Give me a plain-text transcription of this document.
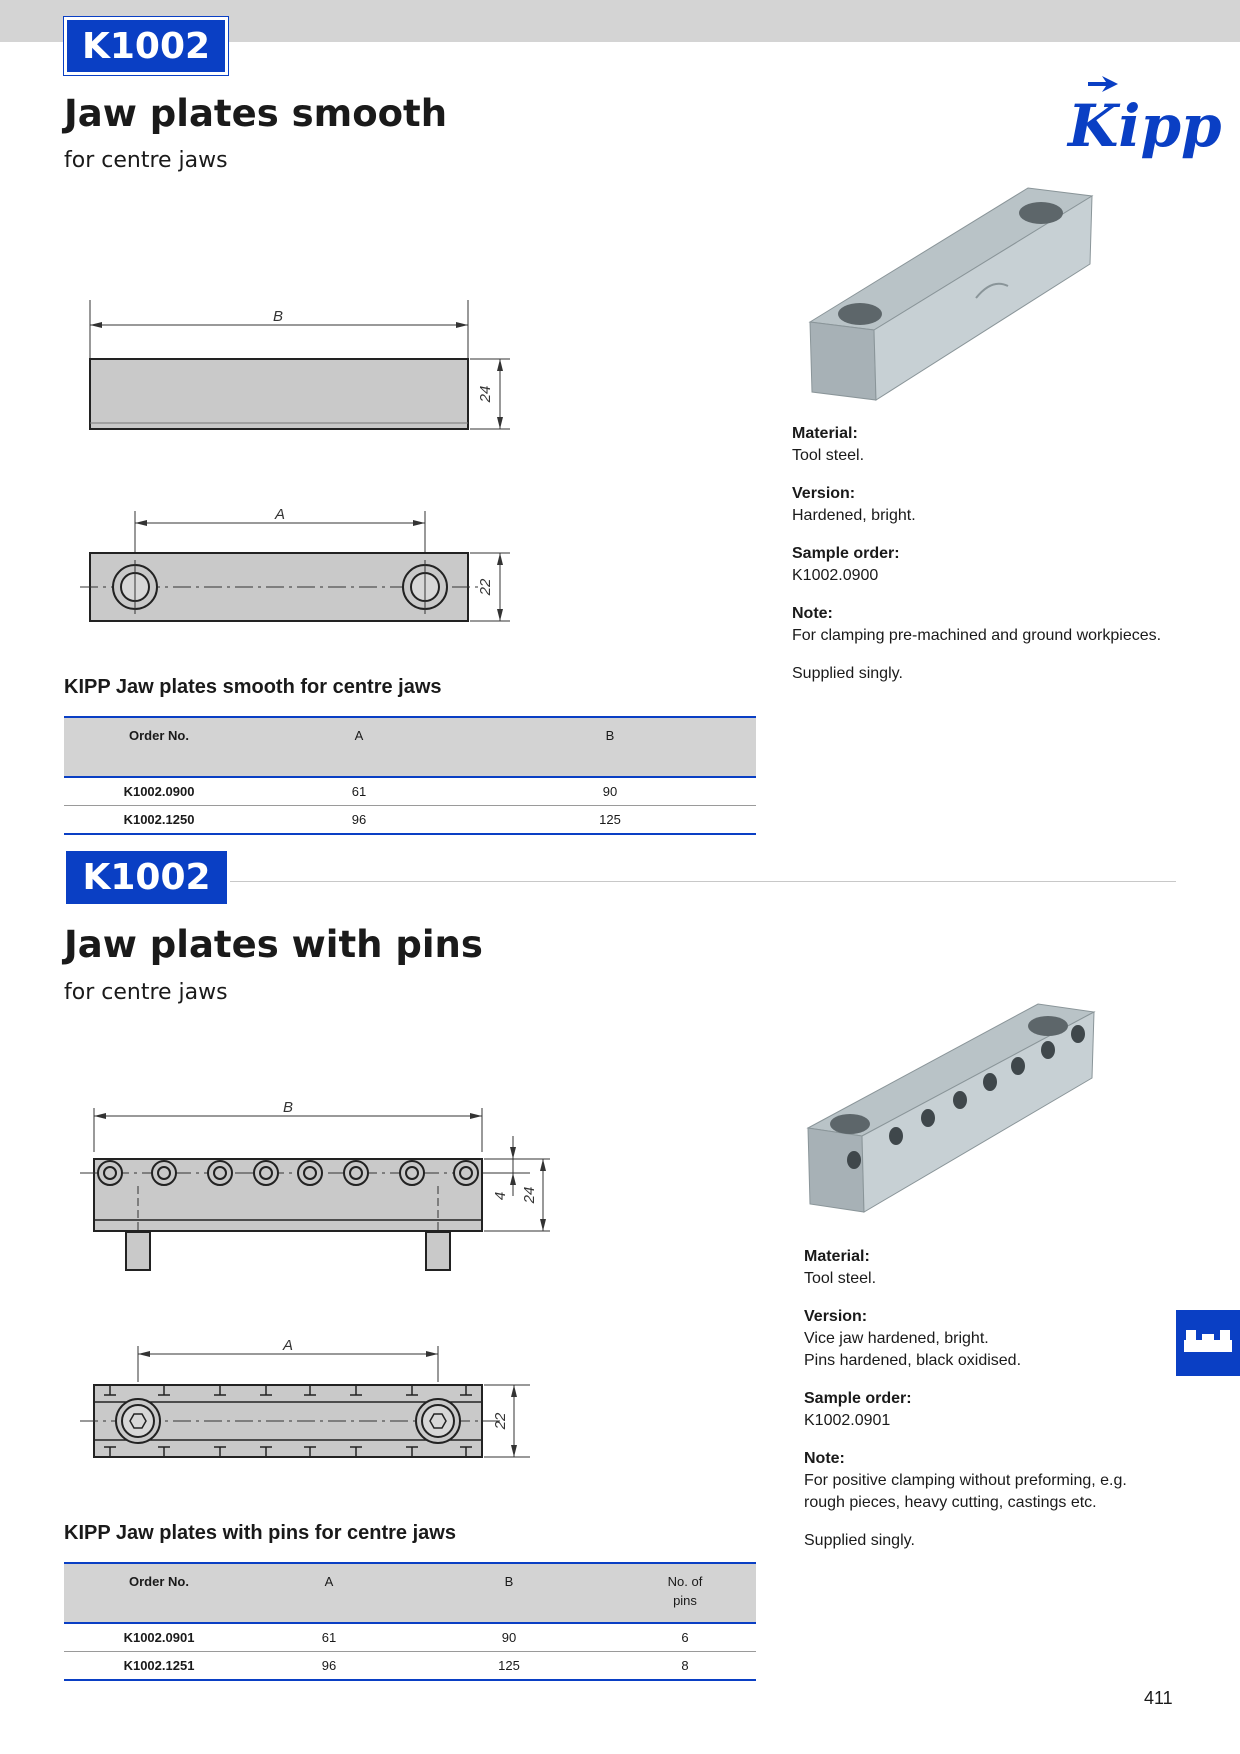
K1002
Jaw plates smooth
for centre jaws
Kipp
B
24
A
22

Material:
Tool steel.

Version:
Hardened, bright.

Sample order:
K1002.0900

Note:
For clamping pre-machined and ground workpieces.

Supplied singly.

KIPP Jaw plates smooth for centre jaws
Order No.	A	B
K1002.0900	61	90
K1002.1250	96	125
K1002
Jaw plates with pins
for centre jaws
B
4 24
A
22

Material:
Tool steel.

Version:
Vice jaw hardened, bright.
Pins hardened, black oxidised.

Sample order:
K1002.0901

Note:
For positive clamping without preforming, e.g.
rough pieces, heavy cutting, castings etc.

Supplied singly.

KIPP Jaw plates with pins for centre jaws
Order No.	A	B	No. of pins

K1002.0901	61	90	6
K1002.1251	96	125	8
411
